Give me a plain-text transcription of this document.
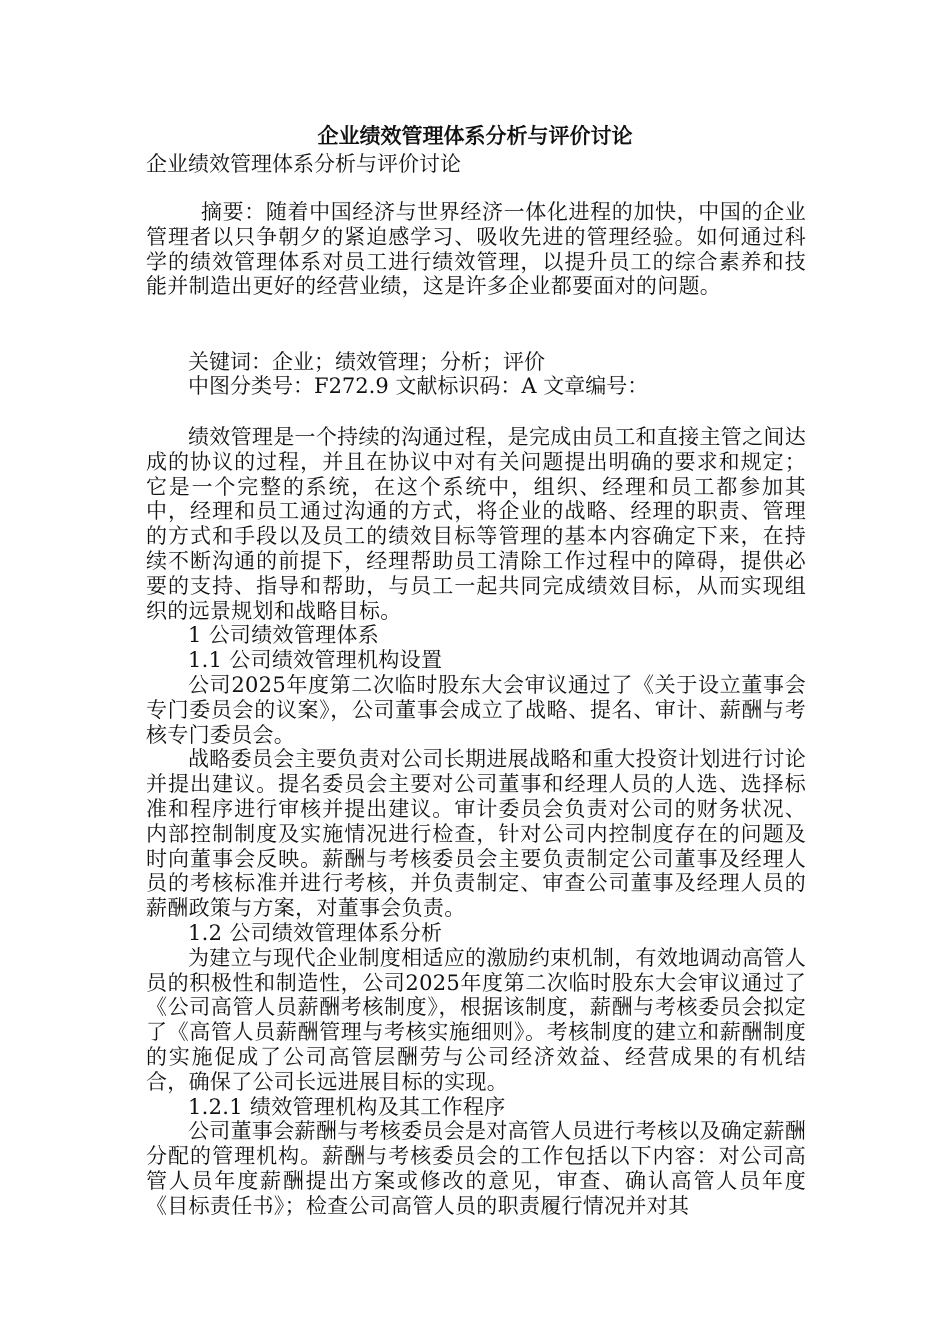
企业绩效管理体系分析与评价讨论
企业绩效管理体系分析与评价讨论

摘要：随着中国经济与世界经济一体化进程的加快，中国的企业管理者以只争朝夕的紧迫感学习、吸收先进的管理经验。如何通过科学的绩效管理体系对员工进行绩效管理，以提升员工的综合素养和技能并制造出更好的经营业绩，这是许多企业都要面对的问题。

关键词：企业；绩效管理；分析；评价
中图分类号：F272.9 文献标识码：A 文章编号：

绩效管理是一个持续的沟通过程，是完成由员工和直接主管之间达成的协议的过程，并且在协议中对有关问题提出明确的要求和规定；它是一个完整的系统，在这个系统中，组织、经理和员工都参加其中，经理和员工通过沟通的方式，将企业的战略、经理的职责、管理的方式和手段以及员工的绩效目标等管理的基本内容确定下来，在持续不断沟通的前提下，经理帮助员工清除工作过程中的障碍，提供必要的支持、指导和帮助，与员工一起共同完成绩效目标，从而实现组织的远景规划和战略目标。

1 公司绩效管理体系

1.1 公司绩效管理机构设置

公司2025年度第二次临时股东大会审议通过了《关于设立董事会专门委员会的议案》，公司董事会成立了战略、提名、审计、薪酬与考核专门委员会。

战略委员会主要负责对公司长期进展战略和重大投资计划进行讨论并提出建议。提名委员会主要对公司董事和经理人员的人选、选择标准和程序进行审核并提出建议。审计委员会负责对公司的财务状况、内部控制制度及实施情况进行检查，针对公司内控制度存在的问题及时向董事会反映。薪酬与考核委员会主要负责制定公司董事及经理人员的考核标准并进行考核，并负责制定、审查公司董事及经理人员的薪酬政策与方案，对董事会负责。

1.2 公司绩效管理体系分析

为建立与现代企业制度相适应的激励约束机制，有效地调动高管人员的积极性和制造性，公司2025年度第二次临时股东大会审议通过了《公司高管人员薪酬考核制度》，根据该制度，薪酬与考核委员会拟定了《高管人员薪酬管理与考核实施细则》。考核制度的建立和薪酬制度的实施促成了公司高管层酬劳与公司经济效益、经营成果的有机结合，确保了公司长远进展目标的实现。

1.2.1 绩效管理机构及其工作程序

公司董事会薪酬与考核委员会是对高管人员进行考核以及确定薪酬分配的管理机构。薪酬与考核委员会的工作包括以下内容：对公司高管人员年度薪酬提出方案或修改的意见，审查、确认高管人员年度《目标责任书》；检查公司高管人员的职责履行情况并对其
